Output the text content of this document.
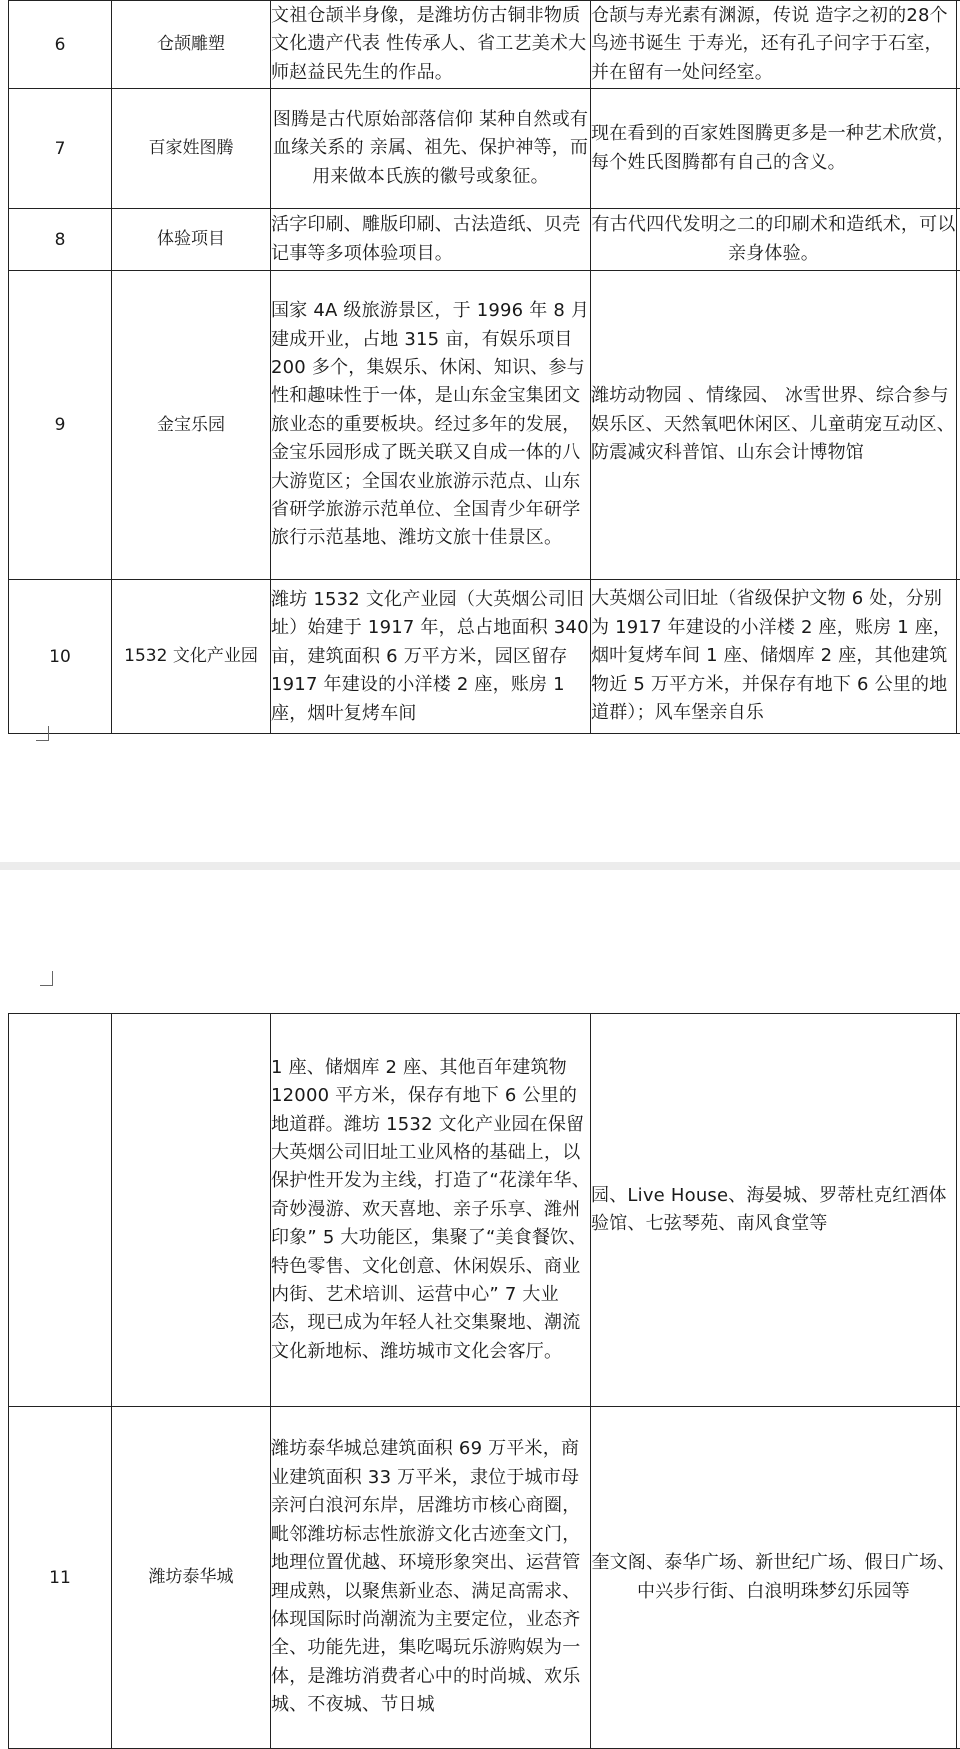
6	仓颉雕塑	文祖仓颉半身像，是潍坊仿古铜非物质文化遗产代表 性传承人、省工艺美术大师赵益民先生的作品。	仓颉与寿光素有渊源，传说 造字之初的28个鸟迹书诞生 于寿光，还有孔子问字于石室，并在留有一处问经室。	
7	百家姓图腾	图腾是古代原始部落信仰 某种自然或有血缘关系的 亲属、祖先、保护神等，而用来做本氏族的徽号或象征。	现在看到的百家姓图腾更多是一种艺术欣赏，每个姓氏图腾都有自己的含义。	
8	体验项目	活字印刷、雕版印刷、古法造纸、贝壳记事等多项体验项目。	有古代四代发明之二的印刷术和造纸术，可以亲身体验。	
9	金宝乐园	国家 4A 级旅游景区，于 1996 年 8 月建成开业，占地 315 亩，有娱乐项目 200 多个，集娱乐、休闲、知识、参与性和趣味性于一体，是山东金宝集团文旅业态的重要板块。经过多年的发展，金宝乐园形成了既关联又自成一体的八大游览区；全国农业旅游示范点、山东省研学旅游示范单位、全国青少年研学旅行示范基地、潍坊文旅十佳景区。	潍坊动物园 、情缘园、 冰雪世界、综合参与娱乐区、天然氧吧休闲区、儿童萌宠互动区、防震减灾科普馆、山东会计博物馆	
10	1532 文化产业园	潍坊 1532 文化产业园（大英烟公司旧址）始建于 1917 年，总占地面积 340 亩，建筑面积 6 万平方米，园区留存 1917 年建设的小洋楼 2 座，账房 1 座，烟叶复烤车间	大英烟公司旧址（省级保护文物 6 处，分别为 1917 年建设的小洋楼 2 座，账房 1 座，烟叶复烤车间 1 座、储烟库 2 座，其他建筑物近 5 万平方米，并保存有地下 6 公里的地道群）；风车堡亲自乐	
		1 座、储烟库 2 座、其他百年建筑物 12000 平方米，保存有地下 6 公里的地道群。潍坊 1532 文化产业园在保留大英烟公司旧址工业风格的基础上，以保护性开发为主线，打造了“花漾年华、奇妙漫游、欢天喜地、亲子乐享、潍州印象” 5 大功能区，集聚了“美食餐饮、特色零售、文化创意、休闲娱乐、商业内街、艺术培训、运营中心” 7 大业态，现已成为年轻人社交集聚地、潮流文化新地标、潍坊城市文化会客厅。	园、Live House、海晏城、罗蒂杜克红酒体验馆、七弦琴苑、南风食堂等	
11	潍坊泰华城	潍坊泰华城总建筑面积 69 万平米，商业建筑面积 33 万平米，隶位于城市母亲河白浪河东岸，居潍坊市核心商圈，毗邻潍坊标志性旅游文化古迹奎文门，地理位置优越、环境形象突出、运营管理成熟，以聚焦新业态、满足高需求、体现国际时尚潮流为主要定位，业态齐全、功能先进，集吃喝玩乐游购娱为一体，是潍坊消费者心中的时尚城、欢乐城、不夜城、节日城	奎文阁、泰华广场、新世纪广场、假日广场、中兴步行街、白浪明珠梦幻乐园等	
